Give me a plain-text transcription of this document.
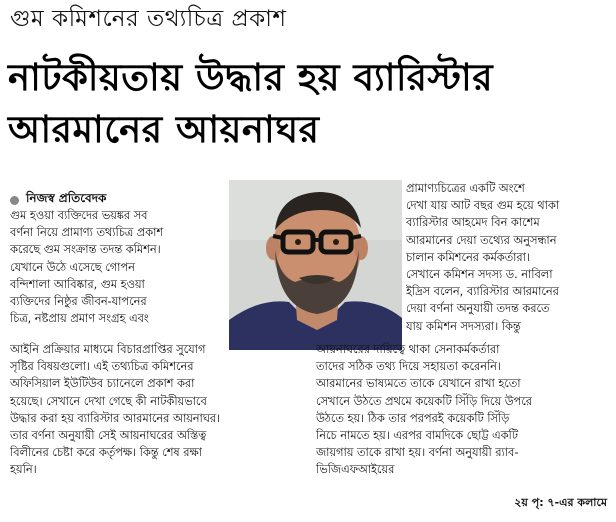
গুম কমিশনের তথ্যচিত্র প্রকাশ
নাটকীয়তায় উদ্ধার হয় ব্যারিস্টার
আরমানের আয়নাঘর
নিজস্ব প্রতিবেদক
গুম হওয়া ব্যক্তিদের ভয়ঙ্কর সব
বর্ণনা নিয়ে প্রামাণ্য তথ্যচিত্র প্রকাশ
করেছে গুম সংক্রান্ত তদন্ত কমিশন।
যেখানে উঠে এসেছে গোপন
বন্দিশালা আবিষ্কার, গুম হওয়া
ব্যক্তিদের নিষ্ঠুর জীবন-যাপনের
চিত্র, নষ্টপ্রায় প্রমাণ সংগ্রহ এবং
প্রামাণ্যচিত্রের একটি অংশে
দেখা যায় আট বছর গুম হয়ে থাকা
ব্যারিস্টার আহমেদ বিন কাশেম
আরমানের দেয়া তথ্যের অনুসন্ধান
চালান কমিশনের কর্মকর্তারা।
সেখানে কমিশন সদস্য ড. নাবিলা
ইদ্রিস বলেন, ব্যারিস্টার আরমানের
দেয়া বর্ণনা অনুযায়ী তদন্ত করতে
যায় কমিশন সদস্যরা। কিন্তু
আইনি প্রক্রিয়ার মাধ্যমে বিচারপ্রাপ্তির সুযোগ
সৃষ্টির বিষয়গুলো। এই তথ্যচিত্র কমিশনের
অফিসিয়াল ইউটিউব চ্যানেলে প্রকাশ করা
হয়েছে। সেখানে দেখা গেছে কী নাটকীয়ভাবে
উদ্ধার করা হয় ব্যারিস্টার আরমানের আয়নাঘর।
তার বর্ণনা অনুযায়ী সেই আয়নাঘরের অস্তিত্ব
বিলীনের চেষ্টা করে কর্তৃপক্ষ। কিন্তু শেষ রক্ষা
হয়নি।
আয়নাঘরের দায়িত্বে থাকা সেনাকর্মকর্তারা
তাদের সঠিক তথ্য দিয়ে সহায়তা করেননি।
আরমানের ভাষ্যমতে তাকে যেখানে রাখা হতো
সেখানে উঠতে প্রথমে কয়েকটি সিঁড়ি দিয়ে উপরে
উঠতে হয়। ঠিক তার পরপরই কয়েকটি সিঁড়ি
নিচে নামতে হয়। এরপর বামদিকে ছোট্ট একটি
জায়গায় তাকে রাখা হয়। বর্ণনা অনুযায়ী র‍্যাব-
ভিজিএফআইয়ের
২য় পৃ: ৭-এর কলামে
